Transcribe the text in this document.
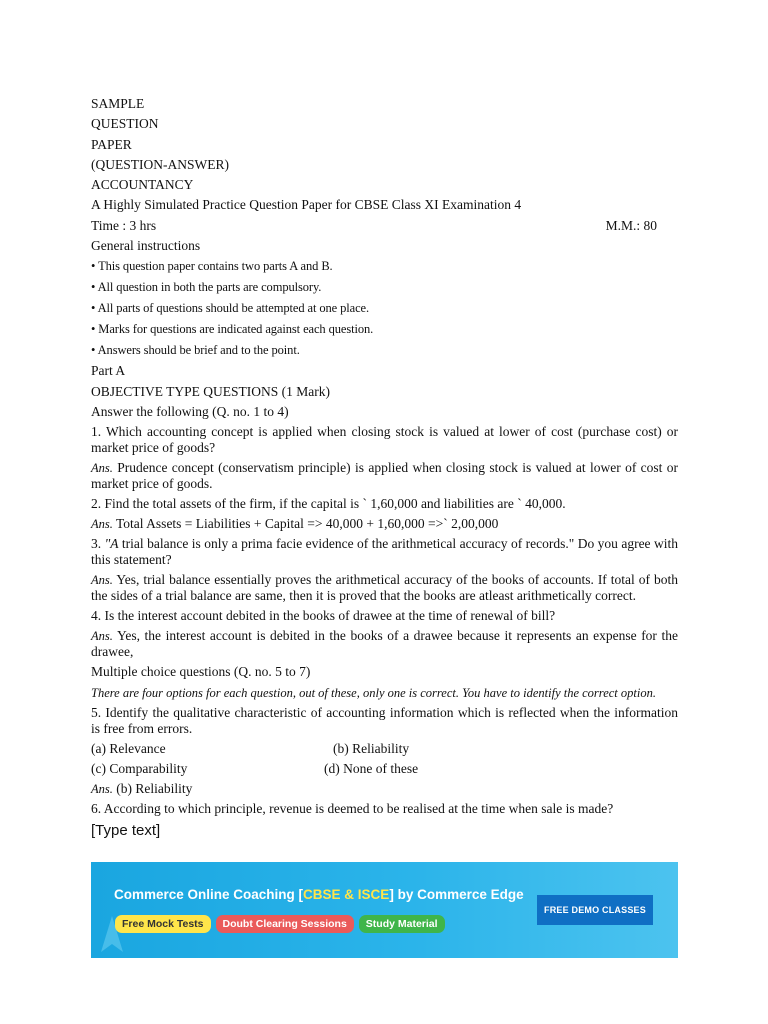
SAMPLE
QUESTION
PAPER
(QUESTION-ANSWER)
ACCOUNTANCY
A Highly Simulated Practice Question Paper for CBSE Class XI Examination 4
Time : 3 hrs	M.M.: 80
General instructions
• This question paper contains two parts A and B.
• All question in both the parts are compulsory.
• All parts of questions should be attempted at one place.
• Marks for questions are indicated against each question.
• Answers should be brief and to the point.
Part A
OBJECTIVE TYPE QUESTIONS (1 Mark)
Answer the following (Q. no. 1 to 4)
1. Which accounting concept is applied when closing stock is valued at lower of cost (purchase cost) or market price of goods?
Ans. Prudence concept (conservatism principle) is applied when closing stock is valued at lower of cost or market price of goods.
2. Find the total assets of the firm, if the capital is ` 1,60,000 and liabilities are ` 40,000.
Ans. Total Assets = Liabilities + Capital => 40,000 + 1,60,000 =>` 2,00,000
3. "A trial balance is only a prima facie evidence of the arithmetical accuracy of records." Do you agree with this statement?
Ans. Yes, trial balance essentially proves the arithmetical accuracy of the books of accounts. If total of both the sides of a trial balance are same, then it is proved that the books are atleast arithmetically correct.
4. Is the interest account debited in the books of drawee at the time of renewal of bill?
Ans. Yes, the interest account is debited in the books of a drawee because it represents an expense for the drawee,
Multiple choice questions (Q. no. 5 to 7)
There are four options for each question, out of these, only one is correct. You have to identify the correct option.
5. Identify the qualitative characteristic of accounting information which is reflected when the information is free from errors.
(a) Relevance	(b) Reliability
(c) Comparability	(d) None of these
Ans. (b) Reliability
6. According to which principle, revenue is deemed to be realised at the time when sale is made?
[Type text]
Commerce Online Coaching [CBSE & ISCE] by Commerce Edge
Free Mock Tests	Doubt Clearing Sessions	Study Material
FREE DEMO CLASSES
